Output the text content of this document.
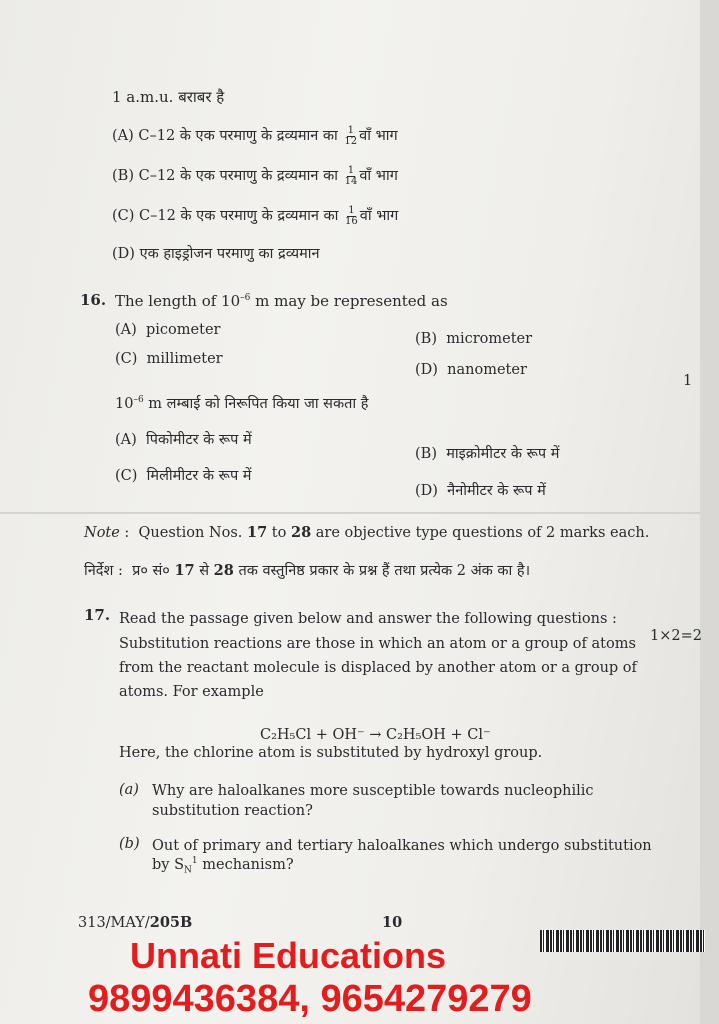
1 a.m.u. बराबर है
(A) C–12 के एक परमाणु के द्रव्यमान का $\frac{1}{12}$ वाँ भाग
(B) C–12 के एक परमाणु के द्रव्यमान का $\frac{1}{14}$ वाँ भाग
(C) C–12 के एक परमाणु के द्रव्यमान का $\frac{1}{16}$ वाँ भाग
(D) एक हाइड्रोजन परमाणु का द्रव्यमान
16. The length of $10^{-6}$ m may be represented as
(A) picometer
(B) micrometer
(C) millimeter
(D) nanometer
1
$10^{-6}$ m लम्बाई को निरूपित किया जा सकता है
(A) पिकोमीटर के रूप में
(B) माइक्रोमीटर के रूप में
(C) मिलीमीटर के रूप में
(D) नैनोमीटर के रूप में
Note :  Question Nos. 17 to 28 are objective type questions of 2 marks each.
निर्देश :  प्र० सं० 17 से 28 तक वस्तुनिष्ठ प्रकार के प्रश्न हैं तथा प्रत्येक 2 अंक का है।
17. Read the passage given below and answer the following questions :
1×2=2
Substitution reactions are those in which an atom or a group of atoms
from the reactant molecule is displaced by another atom or a group of
atoms. For example
C₂H₅Cl + OH⁻ → C₂H₅OH + Cl⁻
Here, the chlorine atom is substituted by hydroxyl group.
(a) Why are haloalkanes more susceptible towards nucleophilic
substitution reaction?
(b) Out of primary and tertiary haloalkanes which undergo substitution
by $S_N^1$ mechanism?
313/MAY/205B	10
Unnati Educations
9899436384, 9654279279
